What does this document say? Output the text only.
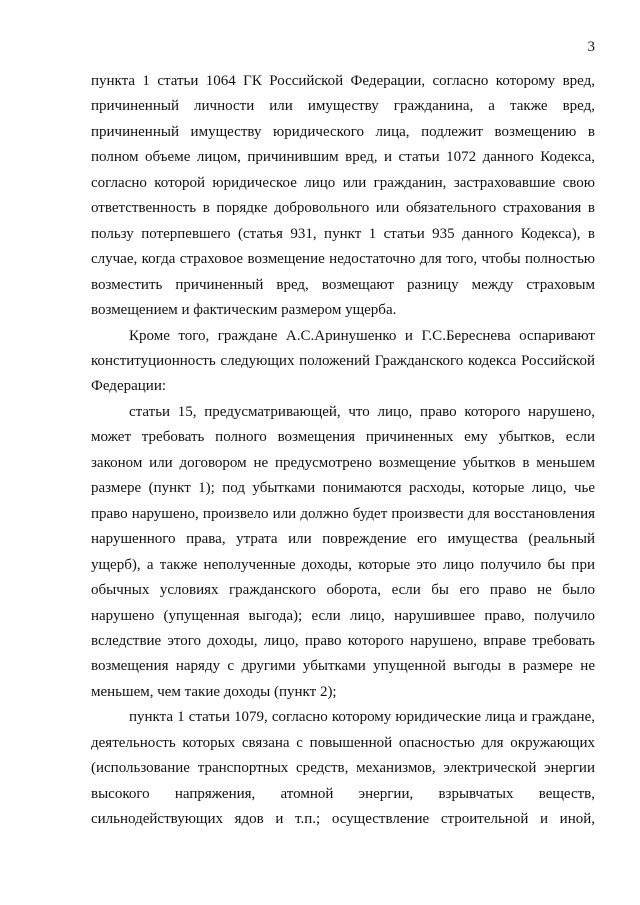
3

пункта 1 статьи 1064 ГК Российской Федерации, согласно которому вред, причиненный личности или имуществу гражданина, а также вред, причиненный имуществу юридического лица, подлежит возмещению в полном объеме лицом, причинившим вред, и статьи 1072 данного Кодекса, согласно которой юридическое лицо или гражданин, застраховавшие свою ответственность в порядке добровольного или обязательного страхования в пользу потерпевшего (статья 931, пункт 1 статьи 935 данного Кодекса), в случае, когда страховое возмещение недостаточно для того, чтобы полностью возместить причиненный вред, возмещают разницу между страховым возмещением и фактическим размером ущерба.

Кроме того, граждане А.С.Аринушенко и Г.С.Береснева оспаривают конституционность следующих положений Гражданского кодекса Российской Федерации:

статьи 15, предусматривающей, что лицо, право которого нарушено, может требовать полного возмещения причиненных ему убытков, если законом или договором не предусмотрено возмещение убытков в меньшем размере (пункт 1); под убытками понимаются расходы, которые лицо, чье право нарушено, произвело или должно будет произвести для восстановления нарушенного права, утрата или повреждение его имущества (реальный ущерб), а также неполученные доходы, которые это лицо получило бы при обычных условиях гражданского оборота, если бы его право не было нарушено (упущенная выгода); если лицо, нарушившее право, получило вследствие этого доходы, лицо, право которого нарушено, вправе требовать возмещения наряду с другими убытками упущенной выгоды в размере не меньшем, чем такие доходы (пункт 2);

пункта 1 статьи 1079, согласно которому юридические лица и граждане, деятельность которых связана с повышенной опасностью для окружающих (использование транспортных средств, механизмов, электрической энергии высокого напряжения, атомной энергии, взрывчатых веществ, сильнодействующих ядов и т.п.; осуществление строительной и иной,
